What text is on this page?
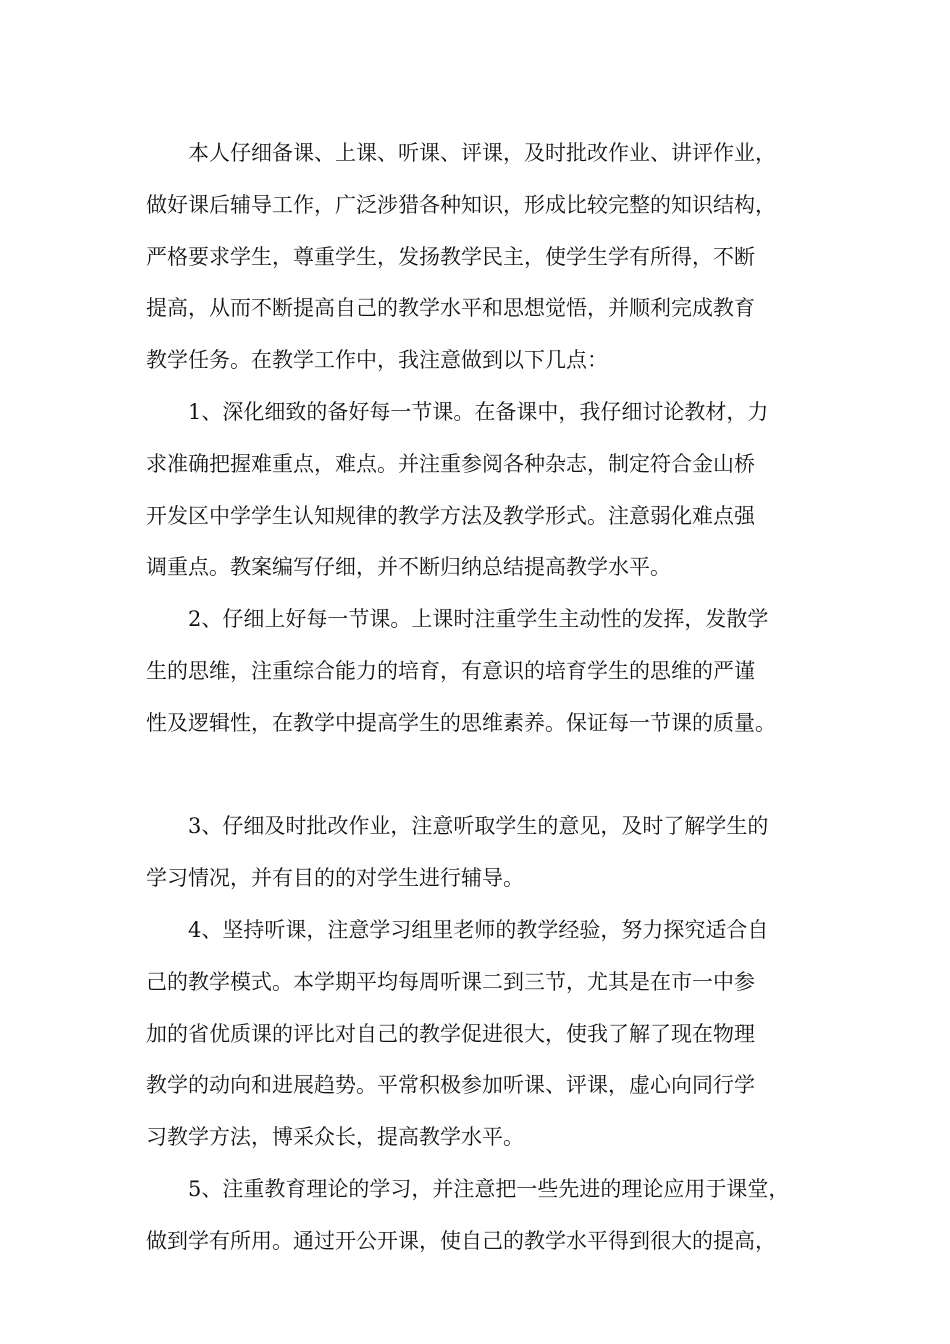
本人仔细备课、上课、听课、评课，及时批改作业、讲评作业，
做好课后辅导工作，广泛涉猎各种知识，形成比较完整的知识结构，
严格要求学生，尊重学生，发扬教学民主，使学生学有所得，不断
提高，从而不断提高自己的教学水平和思想觉悟，并顺利完成教育
教学任务。在教学工作中，我注意做到以下几点：
1、深化细致的备好每一节课。在备课中，我仔细讨论教材，力
求准确把握难重点，难点。并注重参阅各种杂志，制定符合金山桥
开发区中学学生认知规律的教学方法及教学形式。注意弱化难点强
调重点。教案编写仔细，并不断归纳总结提高教学水平。
2、仔细上好每一节课。上课时注重学生主动性的发挥，发散学
生的思维，注重综合能力的培育，有意识的培育学生的思维的严谨
性及逻辑性，在教学中提高学生的思维素养。保证每一节课的质量。
3、仔细及时批改作业，注意听取学生的意见，及时了解学生的
学习情况，并有目的的对学生进行辅导。
4、坚持听课，注意学习组里老师的教学经验，努力探究适合自
己的教学模式。本学期平均每周听课二到三节，尤其是在市一中参
加的省优质课的评比对自己的教学促进很大，使我了解了现在物理
教学的动向和进展趋势。平常积极参加听课、评课，虚心向同行学
习教学方法，博采众长，提高教学水平。
5、注重教育理论的学习，并注意把一些先进的理论应用于课堂，
做到学有所用。通过开公开课，使自己的教学水平得到很大的提高，
